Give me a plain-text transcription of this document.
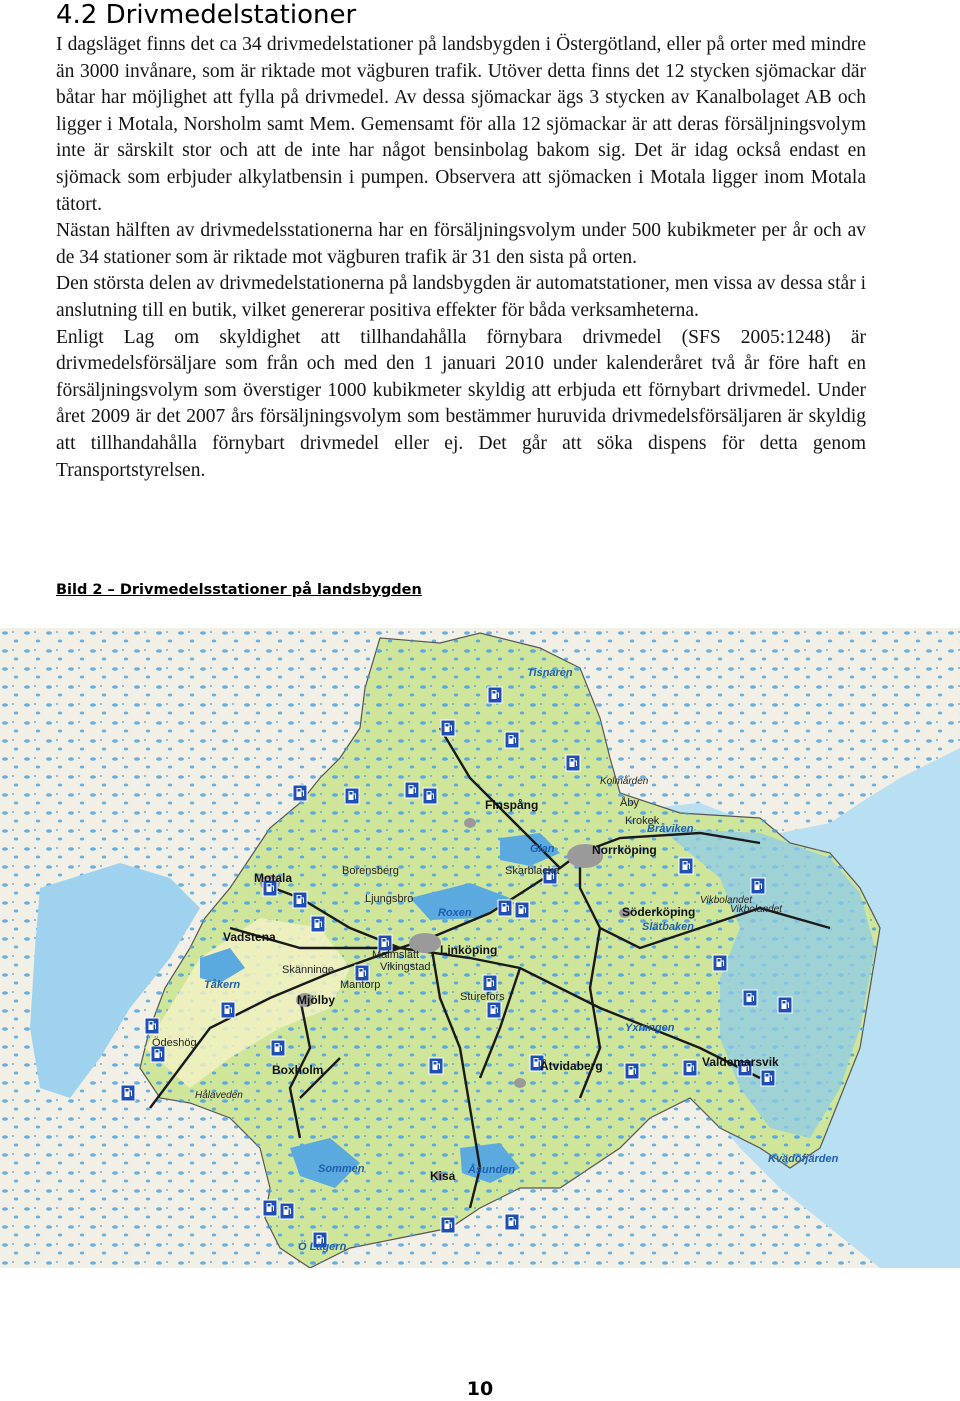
4.2 Drivmedelstationer

I dagsläget finns det ca 34 drivmedelstationer på landsbygden i Östergötland, eller på orter med mindre än 3000 invånare, som är riktade mot vägburen trafik. Utöver detta finns det 12 stycken sjömackar där båtar har möjlighet att fylla på drivmedel. Av dessa sjömackar ägs 3 stycken av Kanalbolaget AB och ligger i Motala, Norsholm samt Mem. Gemensamt för alla 12 sjömackar är att deras försäljningsvolym inte är särskilt stor och att de inte har något bensinbolag bakom sig. Det är idag också endast en sjömack som erbjuder alkylatbensin i pumpen. Observera att sjömacken i Motala ligger inom Motala tätort.

Nästan hälften av drivmedelsstationerna har en försäljningsvolym under 500 kubikmeter per år och av de 34 stationer som är riktade mot vägburen trafik är 31 den sista på orten.

Den största delen av drivmedelstationerna på landsbygden är automatstationer, men vissa av dessa står i anslutning till en butik, vilket genererar positiva effekter för båda verksamheterna.

Enligt Lag om skyldighet att tillhandahålla förnybara drivmedel (SFS 2005:1248) är drivmedelsförsäljare som från och med den 1 januari 2010 under kalenderåret två år före haft en försäljningsvolym som överstiger 1000 kubikmeter skyldig att erbjuda ett förnybart drivmedel. Under året 2009 är det 2007 års försäljningsvolym som bestämmer huruvida drivmedelsförsäljaren är skyldig att tillhandahålla förnybart drivmedel eller ej. Det går att söka dispens för detta genom Transportstyrelsen.

Bild 2 – Drivmedelsstationer på landsbygden
Tisnaren
Kolmården
Finspång	Åby
Krokek
Bråviken
Glan	Norrköping
Motala	Borensberg	Skarblacka
Ljungsbro
Roxen	Söderköping
Slätbaken
Vikbolandet
Vikbolandet
Vadstena
Skänninge
Malmslätt Linköping
Vikingstad
Mantorp
Tåkern
Mjölby	Sturefors
Ödeshög
Boxholm	Åtvidaberg	Valdemarsvik
Yxningen
Hålaveden
Kvädöfjärden
Sommen	Åsunden
Kisa
Ö Lägern
10
